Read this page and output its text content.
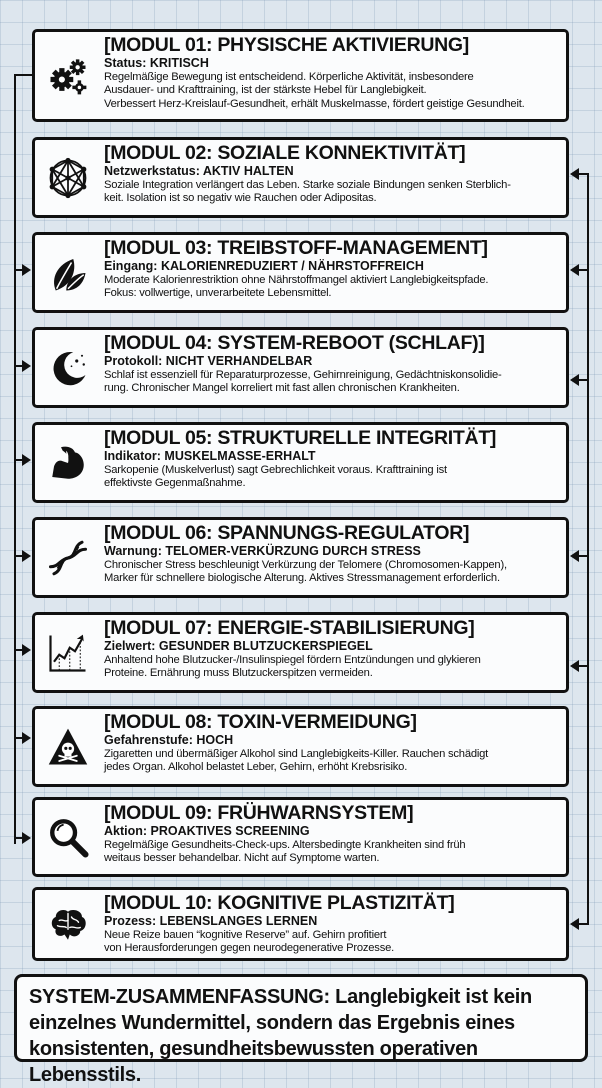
[MODUL 01: PHYSISCHE AKTIVIERUNG]
Status: KRITISCH
Regelmäßige Bewegung ist entscheidend. Körperliche Aktivität, insbesondere
Ausdauer- und Krafttraining, ist der stärkste Hebel für Langlebigkeit.
Verbessert Herz-Kreislauf-Gesundheit, erhält Muskelmasse, fördert geistige Gesundheit.
[MODUL 02: SOZIALE KONNEKTIVITÄT]
Netzwerkstatus: AKTIV HALTEN
Soziale Integration verlängert das Leben. Starke soziale Bindungen senken Sterblich-
keit. Isolation ist so negativ wie Rauchen oder Adipositas.
[MODUL 03: TREIBSTOFF-MANAGEMENT]
Eingang: KALORIENREDUZIERT / NÄHRSTOFFREICH
Moderate Kalorienrestriktion ohne Nährstoffmangel aktiviert Langlebigkeitspfade.
Fokus: vollwertige, unverarbeitete Lebensmittel.
[MODUL 04: SYSTEM-REBOOT (SCHLAF)]
Protokoll: NICHT VERHANDELBAR
Schlaf ist essenziell für Reparaturprozesse, Gehirnreinigung, Gedächtniskonsolidie-
rung. Chronischer Mangel korreliert mit fast allen chronischen Krankheiten.
[MODUL 05: STRUKTURELLE INTEGRITÄT]
Indikator: MUSKELMASSE-ERHALT
Sarkopenie (Muskelverlust) sagt Gebrechlichkeit voraus. Krafttraining ist
effektivste Gegenmaßnahme.
[MODUL 06: SPANNUNGS-REGULATOR]
Warnung: TELOMER-VERKÜRZUNG DURCH STRESS
Chronischer Stress beschleunigt Verkürzung der Telomere (Chromosomen-Kappen),
Marker für schnellere biologische Alterung. Aktives Stressmanagement erforderlich.
[MODUL 07: ENERGIE-STABILISIERUNG]
Zielwert: GESUNDER BLUTZUCKERSPIEGEL
Anhaltend hohe Blutzucker-/Insulinspiegel fördern Entzündungen und glykieren
Proteine. Ernährung muss Blutzuckerspitzen vermeiden.
[MODUL 08: TOXIN-VERMEIDUNG]
Gefahrenstufe: HOCH
Zigaretten und übermäßiger Alkohol sind Langlebigkeits-Killer. Rauchen schädigt
jedes Organ. Alkohol belastet Leber, Gehirn, erhöht Krebsrisiko.
[MODUL 09: FRÜHWARNSYSTEM]
Aktion: PROAKTIVES SCREENING
Regelmäßige Gesundheits-Check-ups. Altersbedingte Krankheiten sind früh
weitaus besser behandelbar. Nicht auf Symptome warten.
[MODUL 10: KOGNITIVE PLASTIZITÄT]
Prozess: LEBENSLANGES LERNEN
Neue Reize bauen “kognitive Reserve” auf. Gehirn profitiert
von Herausforderungen gegen neurodegenerative Prozesse.
SYSTEM-ZUSAMMENFASSUNG: Langlebigkeit ist kein einzelnes Wundermittel, sondern das Ergebnis eines konsistenten, gesundheitsbewussten operativen Lebensstils.
